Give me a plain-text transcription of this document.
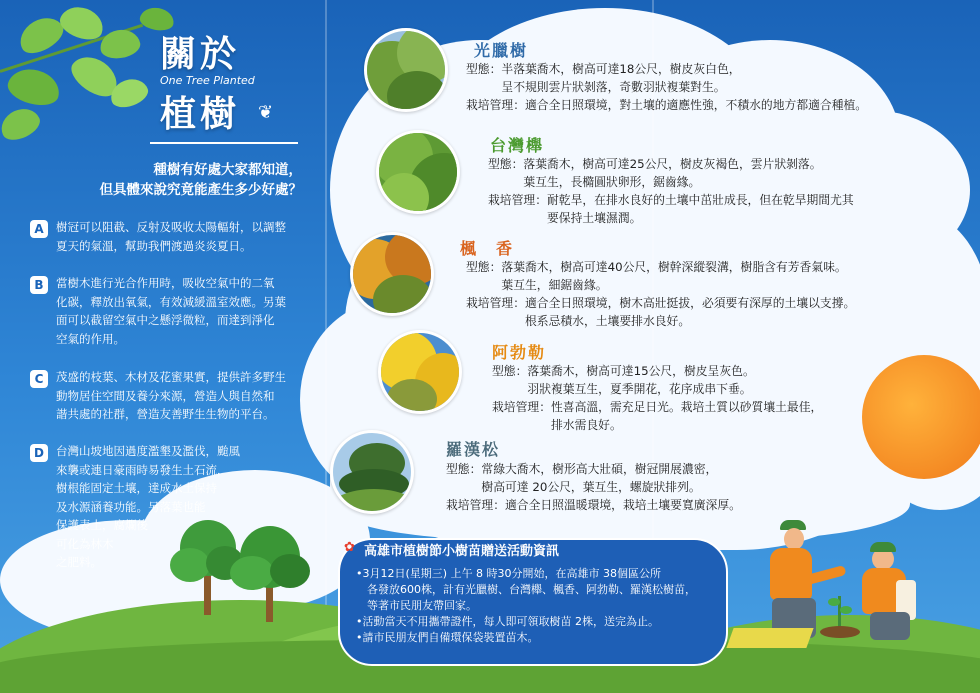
關於
One Tree Planted
植樹 ❦
種樹有好處大家都知道，
但具體來說究竟能產生多少好處？
A	樹冠可以阻截、反射及吸收太陽輻射，以調整
夏天的氣溫，幫助我們渡過炎炎夏日。
B	當樹木進行光合作用時，吸收空氣中的二氧
化碳，釋放出氧氣，有效減緩溫室效應。另葉
面可以截留空氣中之懸浮微粒，而達到淨化
空氣的作用。
C	茂盛的枝葉、木材及花蜜果實，提供許多野生
動物居住空間及養分來源，營造人與自然和
諧共處的社群，營造友善野生生物的平台。
D	台灣山坡地因過度濫墾及濫伐，颱風
來襲或連日豪雨時易發生土石流，
樹根能固定土壤，達成水土保持
及水源涵養功能。另落葉也能
保護表土，腐爛後
可化為林木
之肥料。
光臘樹
台灣櫸
楓　香
阿勃勒
羅漢松
型態：半落葉喬木，樹高可達18公尺，樹皮灰白色，
　　　呈不規則雲片狀剝落，奇數羽狀複葉對生。
栽培管理：適合全日照環境，對土壤的適應性強，不積水的地方都適合種植。
型態：落葉喬木，樹高可達25公尺，樹皮灰褐色，雲片狀剝落。
　　　葉互生，長橢圓狀卵形，鋸齒緣。
栽培管理：耐乾旱，在排水良好的土壤中茁壯成長，但在乾旱期間尤其
　　　　　要保持土壤濕潤。
型態：落葉喬木，樹高可達40公尺，樹幹深縱裂溝，樹脂含有芳香氣味。
　　　葉互生，細鋸齒緣。
栽培管理：適合全日照環境，樹木高壯挺拔，必須要有深厚的土壤以支撐。
　　　　　根系忌積水，土壤要排水良好。
型態：落葉喬木，樹高可達15公尺，樹皮呈灰色。
　　　羽狀複葉互生，夏季開花，花序成串下垂。
栽培管理：性喜高溫，需充足日光。栽培土質以砂質壤土最佳，
　　　　　排水需良好。
型態：常綠大喬木，樹形高大壯碩，樹冠開展濃密，
　　　樹高可達 20公尺，葉互生，螺旋狀排列。
栽培管理：適合全日照溫暖環境，栽培土壤要寬廣深厚。
✿ 高雄市植樹節小樹苗贈送活動資訊
•3月12日(星期三) 上午 8 時30分開始，在高雄市 38個區公所
　各發放600株，計有光臘樹、台灣櫸、楓香、阿勃勒、羅漢松樹苗，
　等著市民朋友帶回家。
•活動當天不用攜帶證件，每人即可領取樹苗 2株，送完為止。
•請市民朋友們自備環保袋裝置苗木。
